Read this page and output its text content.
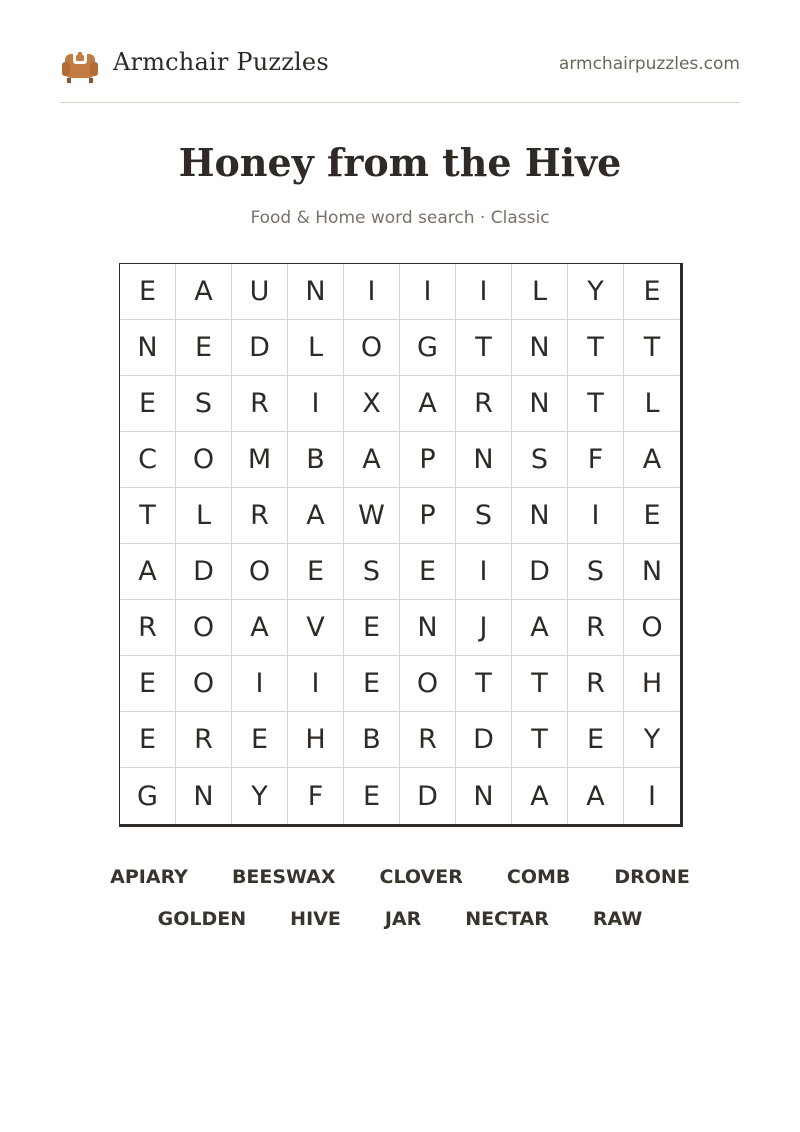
Armchair Puzzles	armchairpuzzles.com
Honey from the Hive
Food & Home word search · Classic
E	A	U	N	I	I	I	L	Y	E
N	E	D	L	O	G	T	N	T	T
E	S	R	I	X	A	R	N	T	L
C	O	M	B	A	P	N	S	F	A
T	L	R	A	W	P	S	N	I	E
A	D	O	E	S	E	I	D	S	N
R	O	A	V	E	N	J	A	R	O
E	O	I	I	E	O	T	T	R	H
E	R	E	H	B	R	D	T	E	Y
G	N	Y	F	E	D	N	A	A	I
APIARY BEESWAX CLOVER COMB DRONE
GOLDEN HIVE JAR NECTAR RAW
